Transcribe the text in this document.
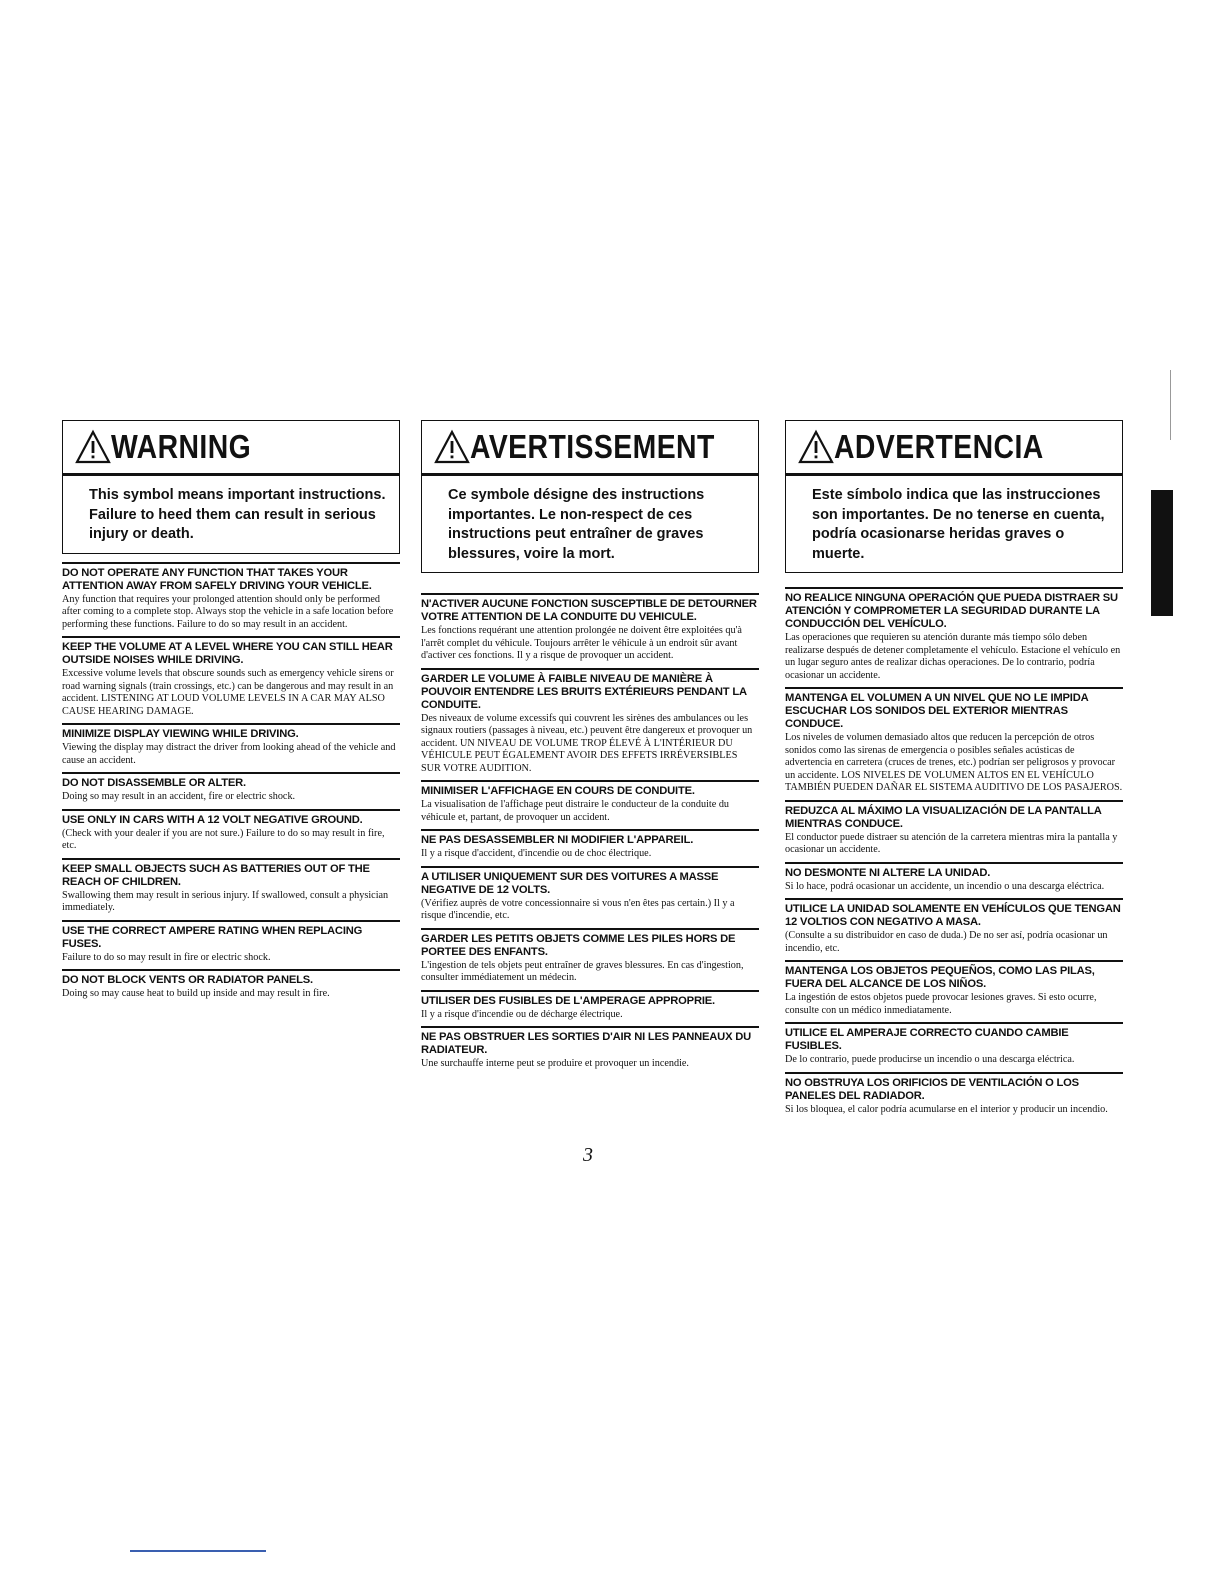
WARNING

This symbol means important instructions. Failure to heed them can result in serious injury or death.

DO NOT OPERATE ANY FUNCTION THAT TAKES YOUR ATTENTION AWAY FROM SAFELY DRIVING YOUR VEHICLE.

Any function that requires your prolonged attention should only be performed after coming to a complete stop. Always stop the vehicle in a safe location before performing these functions. Failure to do so may result in an accident.

KEEP THE VOLUME AT A LEVEL WHERE YOU CAN STILL HEAR OUTSIDE NOISES WHILE DRIVING.

Excessive volume levels that obscure sounds such as emergency vehicle sirens or road warning signals (train crossings, etc.) can be dangerous and may result in an accident. LISTENING AT LOUD VOLUME LEVELS IN A CAR MAY ALSO CAUSE HEARING DAMAGE.

MINIMIZE DISPLAY VIEWING WHILE DRIVING.

Viewing the display may distract the driver from looking ahead of the vehicle and cause an accident.

DO NOT DISASSEMBLE OR ALTER.

Doing so may result in an accident, fire or electric shock.

USE ONLY IN CARS WITH A 12 VOLT NEGATIVE GROUND.

(Check with your dealer if you are not sure.) Failure to do so may result in fire, etc.

KEEP SMALL OBJECTS SUCH AS BATTERIES OUT OF THE REACH OF CHILDREN.

Swallowing them may result in serious injury. If swallowed, consult a physician immediately.

USE THE CORRECT AMPERE RATING WHEN REPLACING FUSES.

Failure to do so may result in fire or electric shock.

DO NOT BLOCK VENTS OR RADIATOR PANELS.

Doing so may cause heat to build up inside and may result in fire.

AVERTISSEMENT

Ce symbole désigne des instructions importantes. Le non-respect de ces instructions peut entraîner de graves blessures, voire la mort.

N'ACTIVER AUCUNE FONCTION SUSCEPTIBLE DE DETOURNER VOTRE ATTENTION DE LA CONDUITE DU VEHICULE.

Les fonctions requérant une attention prolongée ne doivent être exploitées qu'à l'arrêt complet du véhicule. Toujours arrêter le véhicule à un endroit sûr avant d'activer ces fonctions. Il y a risque de provoquer un accident.

GARDER LE VOLUME À FAIBLE NIVEAU DE MANIÈRE À POUVOIR ENTENDRE LES BRUITS EXTÉRIEURS PENDANT LA CONDUITE.

Des niveaux de volume excessifs qui couvrent les sirènes des ambulances ou les signaux routiers (passages à niveau, etc.) peuvent être dangereux et provoquer un accident. UN NIVEAU DE VOLUME TROP ÉLEVÉ À L'INTÉRIEUR DU VÉHICULE PEUT ÉGALEMENT AVOIR DES EFFETS IRRÉVERSIBLES SUR VOTRE AUDITION.

MINIMISER L'AFFICHAGE EN COURS DE CONDUITE.

La visualisation de l'affichage peut distraire le conducteur de la conduite du véhicule et, partant, de provoquer un accident.

NE PAS DESASSEMBLER NI MODIFIER L'APPAREIL.

Il y a risque d'accident, d'incendie ou de choc électrique.

A UTILISER UNIQUEMENT SUR DES VOITURES A MASSE NEGATIVE DE 12 VOLTS.

(Vérifiez auprès de votre concessionnaire si vous n'en êtes pas certain.) Il y a risque d'incendie, etc.

GARDER LES PETITS OBJETS COMME LES PILES HORS DE PORTEE DES ENFANTS.

L'ingestion de tels objets peut entraîner de graves blessures. En cas d'ingestion, consulter immédiatement un médecin.

UTILISER DES FUSIBLES DE L'AMPERAGE APPROPRIE.

Il y a risque d'incendie ou de décharge électrique.

NE PAS OBSTRUER LES SORTIES D'AIR NI LES PANNEAUX DU RADIATEUR.

Une surchauffe interne peut se produire et provoquer un incendie.

ADVERTENCIA

Este símbolo indica que las instrucciones son importantes. De no tenerse en cuenta, podría ocasionarse heridas graves o muerte.

NO REALICE NINGUNA OPERACIÓN QUE PUEDA DISTRAER SU ATENCIÓN Y COMPROMETER LA SEGURIDAD DURANTE LA CONDUCCIÓN DEL VEHÍCULO.

Las operaciones que requieren su atención durante más tiempo sólo deben realizarse después de detener completamente el vehículo. Estacione el vehículo en un lugar seguro antes de realizar dichas operaciones. De lo contrario, podría ocasionar un accidente.

MANTENGA EL VOLUMEN A UN NIVEL QUE NO LE IMPIDA ESCUCHAR LOS SONIDOS DEL EXTERIOR MIENTRAS CONDUCE.

Los niveles de volumen demasiado altos que reducen la percepción de otros sonidos como las sirenas de emergencia o posibles señales acústicas de advertencia en carretera (cruces de trenes, etc.) podrían ser peligrosos y provocar un accidente. LOS NIVELES DE VOLUMEN ALTOS EN EL VEHÍCULO TAMBIÉN PUEDEN DAÑAR EL SISTEMA AUDITIVO DE LOS PASAJEROS.

REDUZCA AL MÁXIMO LA VISUALIZACIÓN DE LA PANTALLA MIENTRAS CONDUCE.

El conductor puede distraer su atención de la carretera mientras mira la pantalla y ocasionar un accidente.

NO DESMONTE NI ALTERE LA UNIDAD.

Si lo hace, podrá ocasionar un accidente, un incendio o una descarga eléctrica.

UTILICE LA UNIDAD SOLAMENTE EN VEHÍCULOS QUE TENGAN 12 VOLTIOS CON NEGATIVO A MASA.

(Consulte a su distribuidor en caso de duda.) De no ser así, podría ocasionar un incendio, etc.

MANTENGA LOS OBJETOS PEQUEÑOS, COMO LAS PILAS, FUERA DEL ALCANCE DE LOS NIÑOS.

La ingestión de estos objetos puede provocar lesiones graves. Si esto ocurre, consulte con un médico inmediatamente.

UTILICE EL AMPERAJE CORRECTO CUANDO CAMBIE FUSIBLES.

De lo contrario, puede producirse un incendio o una descarga eléctrica.

NO OBSTRUYA LOS ORIFICIOS DE VENTILACIÓN O LOS PANELES DEL RADIADOR.

Si los bloquea, el calor podría acumularse en el interior y producir un incendio.

3
